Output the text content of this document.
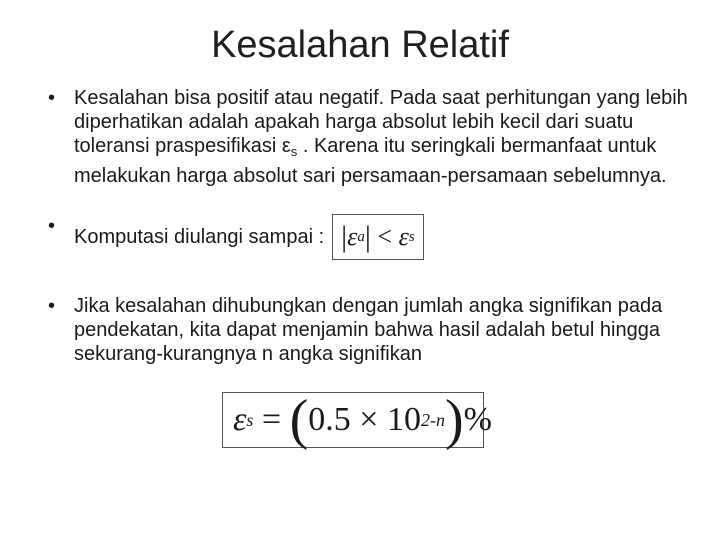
Kesalahan Relatif
• Kesalahan bisa positif atau negatif. Pada saat perhitungan yang lebih diperhatikan adalah apakah harga absolut lebih kecil dari suatu toleransi praspesifikasi $\varepsilon_s$ . Karena itu seringkali bermanfaat untuk melakukan harga absolut sari persamaan-persamaan sebelumnya.
• Komputasi diulangi sampai : | ε a | < ε s
• Jika kesalahan dihubungkan dengan jumlah angka signifikan pada pendekatan, kita dapat menjamin bahwa hasil adalah betul hingga sekurang-kurangnya n angka signifikan
ε s = ( 0.5 × 10 2-n ) %
